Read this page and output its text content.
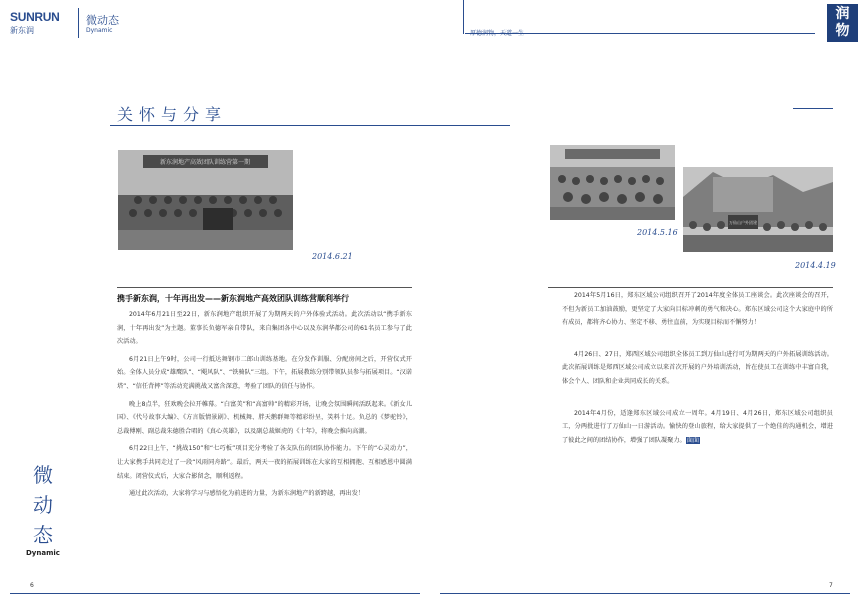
SUNRUN
新东润
微动态
Dynamic	厚德润物，天道一生
润
物
关怀与分享
新东润地产高效团队训练营第一期
2014.6.21
2014.5.16
万仙山户外团建
2014.4.19
携手新东润，十年再出发——新东润地产高效团队训练营顺利举行

2014年6月21日至22日，新东润地产组织开展了为期两天的户外体验式活动。此次活动以“携手新东润，十年再出发”为主题。董事长负德军亲自带队，来自集团各中心以及东润华都公司的61名员工参与了此次活动。

6月21日上午9时，公司一行抵达舞钢市二郎山训练基地。在分发作训服、分配房间之后，开营仪式开始。全体人员分成“雄鹰队”、“飓风队”、“铁骑队”三组。下午，拓展教练分别带领队员参与拓展项目。“汉诺塔”、“信任背摔”等活动充满挑战又富含深意，考验了团队的信任与协作。

晚上8点半，狂欢晚会拉开帷幕。“白富美”和“高富帅”的精彩开场，让晚会氛围瞬间活跃起来。《新女儿国》、《代号故事大编》、《方言版情景剧》、机械舞、胖天鹅群舞等精彩纷呈，笑料十足。负总的《梦驼铃》，总裁傅刚、副总裁朱德胜合唱的《真心英雄》，以及副总裁姬虎的《十年》，将晚会推向高潮。

6月22日上午，“挑战150”和“七巧板”项目充分考验了各支队伍的团队协作能力。下午的“心灵动力”，让大家携手共同走过了一段“风雨同舟路”。最后，两天一夜的拓展训练在大家的互相拥抱、互相感恩中圆满结束。闭营仪式后，大家合影留念，顺利返程。

通过此次活动，大家将学习与感悟化为前进的力量，为新东润地产的新跨越，再出发！

2014年5月16日，郑东区域公司组织召开了2014年度全体员工座谈会。此次座谈会的召开，不但为新员工加油鼓励，更坚定了大家向目标冲刺的勇气和决心。郑东区域公司这个大家庭中的所有成员，都将齐心协力、坚定不移、勇往直前，为实现目标而不懈努力！

4月26日、27日，郑西区域公司组织全体员工到万仙山进行可为期两天的户外拓展训练活动。此次拓展训练是郑西区域公司成立以来首次开展的户外培训活动，旨在使员工在训练中丰富自我，体会个人、团队和企业共同成长的关系。

2014年4月份，适逢郑东区域公司成立一周年。4月19日、4月26日，郑东区域公司组织员工，分两批进行了万仙山一日游活动。愉快的登山旅程，给大家提供了一个绝佳的沟通机会，增进了彼此之间的团结协作，增强了团队凝聚力。面面

微
动
态
Dynamic
6	7
